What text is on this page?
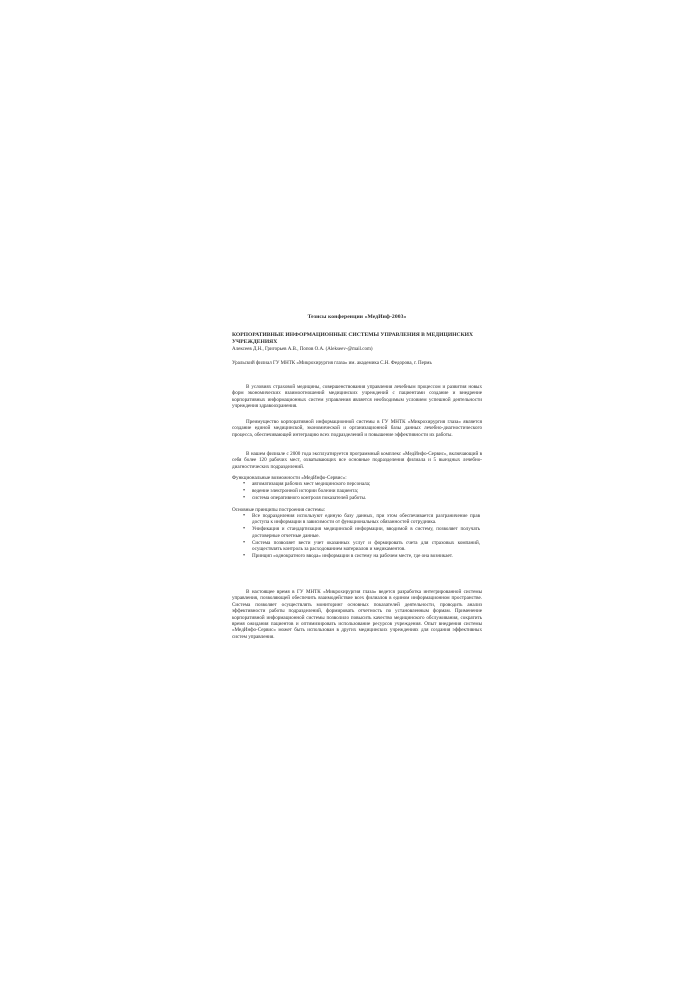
Тезисы конференции «МедИнф-2003»
КОРПОРАТИВНЫЕ ИНФОРМАЦИОННЫЕ СИСТЕМЫ УПРАВЛЕНИЯ В МЕДИЦИНСКИХ УЧРЕЖДЕНИЯХ
Алексеев Д.Н., Григорьев А.В., Попов О.А. (Alekseev-@mail.com)
Уральский филиал ГУ МНТК «Микрохирургия глаза» им. академика С.Н. Федорова, г. Пермь
В условиях страховой медицины, совершенствования управления лечебным процессом и развития новых форм экономических взаимоотношений медицинских учреждений с пациентами создание и внедрение корпоративных информационных систем управления является необходимым условием успешной деятельности учреждения здравоохранения.
Преимущество корпоративной информационной системы в ГУ МНТК «Микрохирургия глаза» является создание единой медицинской, экономической и организационной базы данных лечебно-диагностического процесса, обеспечивающей интеграцию всех подразделений и повышение эффективности их работы.
В нашем филиале с 2000 года эксплуатируется программный комплекс «МедИнфо-Сервис», включающий в себя более 120 рабочих мест, охватывающих все основные подразделения филиала и 5 выездных лечебно-диагностических подразделений.
Функциональные возможности «МедИнфо-Сервис»:
• автоматизация рабочих мест медицинского персонала;
• ведение электронной истории болезни пациента;
• система оперативного контроля показателей работы.
Основные принципы построения системы:
• Все подразделения используют единую базу данных, при этом обеспечивается разграничение прав доступа к информации в зависимости от функциональных обязанностей сотрудника.
• Унификация и стандартизация медицинской информации, вводимой в систему, позволяет получать достоверные отчетные данные.
• Система позволяет вести учет оказанных услуг и формировать счета для страховых компаний, осуществлять контроль за расходованием материалов и медикаментов.
• Принцип «однократного ввода» информации в систему на рабочем месте, где она возникает.
В настоящее время в ГУ МНТК «Микрохирургия глаза» ведется разработка интегрированной системы управления, позволяющей обеспечить взаимодействие всех филиалов в едином информационном пространстве. Система позволяет осуществлять мониторинг основных показателей деятельности, проводить анализ эффективности работы подразделений, формировать отчетность по установленным формам. Применение корпоративной информационной системы позволило повысить качество медицинского обслуживания, сократить время ожидания пациентов и оптимизировать использование ресурсов учреждения. Опыт внедрения системы «МедИнфо-Сервис» может быть использован в других медицинских учреждениях для создания эффективных систем управления.
